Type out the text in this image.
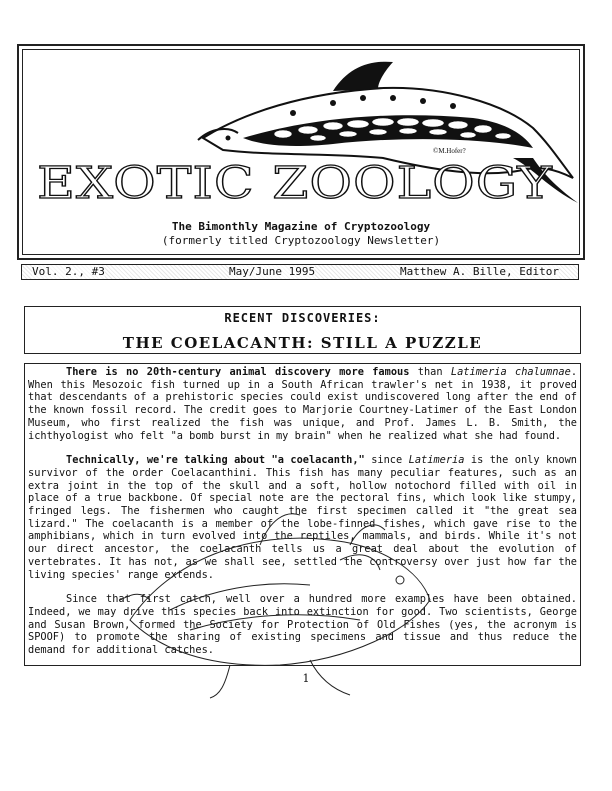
©M.Hofer?
EXOTIC ZOOLOGY
The Bimonthly Magazine of Cryptozoology
(formerly titled Cryptozoology Newsletter)
Vol. 2., #3	May/June 1995	Matthew A. Bille, Editor
RECENT DISCOVERIES:
THE COELACANTH: STILL A PUZZLE

There is no 20th-century animal discovery more famous than Latimeria chalumnae. When this Mesozoic fish turned up in a South African trawler's net in 1938, it proved that descendants of a prehistoric species could exist undiscovered long after the end of the known fossil record. The credit goes to Marjorie Courtney-Latimer of the East London Museum, who first realized the fish was unique, and Prof. James L. B. Smith, the ichthyologist who felt "a bomb burst in my brain" when he realized what she had found.

Technically, we're talking about "a coelacanth," since Latimeria is the only known survivor of the order Coelacanthini. This fish has many peculiar features, such as an extra joint in the top of the skull and a soft, hollow notochord filled with oil in place of a true backbone. Of special note are the pectoral fins, which look like stumpy, fringed legs. The fishermen who caught the first specimen called it "the great sea lizard." The coelacanth is a member of the lobe-finned fishes, which gave rise to the amphibians, which in turn evolved into the reptiles, mammals, and birds. While it's not our direct ancestor, the coelacanth tells us a great deal about the evolution of vertebrates. It has not, as we shall see, settled the controversy over just how far the living species' range extends.

Since that first catch, well over a hundred more examples have been obtained. Indeed, we may drive this species back into extinction for good. Two scientists, George and Susan Brown, formed the Society for Protection of Old Fishes (yes, the acronym is SPOOF) to promote the sharing of existing specimens and tissue and thus reduce the demand for additional catches.

1
